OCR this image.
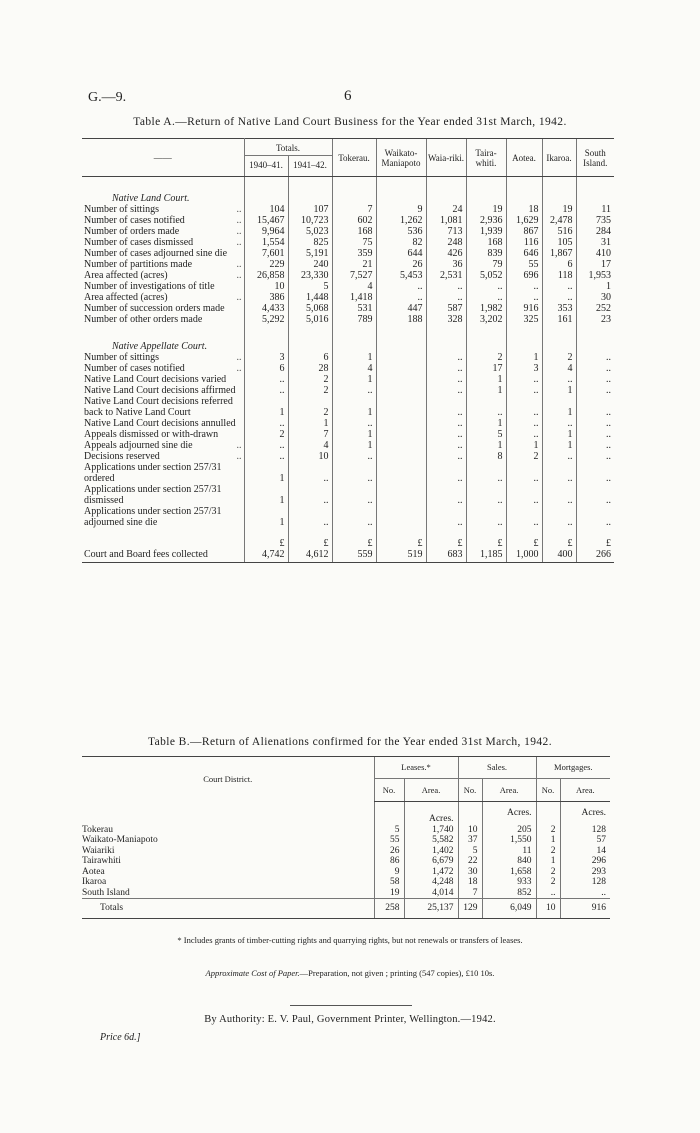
G.—9.	6
Table A.—Return of Native Land Court Business for the Year ended 31st March, 1942.
——	Totals.		Tokerau.	Waikato-Maniapoto	Waia-riki.	Taira-whiti.	Aotea.	Ikaroa.	South Island.
	1940–41.	1941–42.							
Native Land Court.									
Number of sittings ..	104	107	7	9	24	19	18	19	11
Number of cases notified ..	15,467	10,723	602	1,262	1,081	2,936	1,629	2,478	735
Number of orders made ..	9,964	5,023	168	536	713	1,939	867	516	284
Number of cases dismissed ..	1,554	825	75	82	248	168	116	105	31
Number of cases adjourned sine die	7,601	5,191	359	644	426	839	646	1,867	410
Number of partitions made ..	229	240	21	26	36	79	55	6	17
Area affected (acres) ..	26,858	23,330	7,527	5,453	2,531	5,052	696	118	1,953
Number of investigations of title	10	5	4	..	..	..	..	..	1
Area affected (acres) ..	386	1,448	1,418	..	..	..	..	..	30
Number of succession orders made	4,433	5,068	531	447	587	1,982	916	353	252
Number of other orders made	5,292	5,016	789	188	328	3,202	325	161	23
Native Appellate Court.									
Number of sittings ..	3	6	1		..	2	1	2	..
Number of cases notified ..	6	28	4		..	17	3	4	..
Native Land Court decisions varied	..	2	1		..	1	..	..	..
Native Land Court decisions affirmed	..	2	..		..	1	..	1	..
Native Land Court decisions referred back to Native Land Court	1	2	1		..	..	..	1	..
Native Land Court decisions annulled	..	1	..		..	1	..	..	..
Appeals dismissed or with-drawn	2	7	1		..	5	..	1	..
Appeals adjourned sine die ..	..	4	1		..	1	1	1	..
Decisions reserved ..	..	10	..		..	8	2	..	..
Applications under section 257/31 ordered	1	..	..		..	..	..	..	..
Applications under section 257/31 dismissed	1	..	..		..	..	..	..	..
Applications under section 257/31 adjourned sine die	1	..	..		..	..	..	..	..
	£	£	£	£	£	£	£	£	£
Court and Board fees collected	4,742	4,612	559	519	683	1,185	1,000	400	266
Table B.—Return of Alienations confirmed for the Year ended 31st March, 1942.
Court District.	Leases.*		Sales.		Mortgages.	
	No.	Area.	No.	Area.	No.	Area.
		Acres.		Acres.		Acres.
Tokerau	5	1,740	10	205	2	128
Waikato-Maniapoto	55	5,582	37	1,550	1	57
Waiariki	26	1,402	5	11	2	14
Tairawhiti	86	6,679	22	840	1	296
Aotea	9	1,472	30	1,658	2	293
Ikaroa	58	4,248	18	933	2	128
South Island	19	4,014	7	852	..	..
Totals	258	25,137	129	6,049	10	916
* Includes grants of timber-cutting rights and quarrying rights, but not renewals or transfers of leases.
Approximate Cost of Paper.—Preparation, not given ; printing (547 copies), £10 10s.
By Authority: E. V. Paul, Government Printer, Wellington.—1942.
Price 6d.]
